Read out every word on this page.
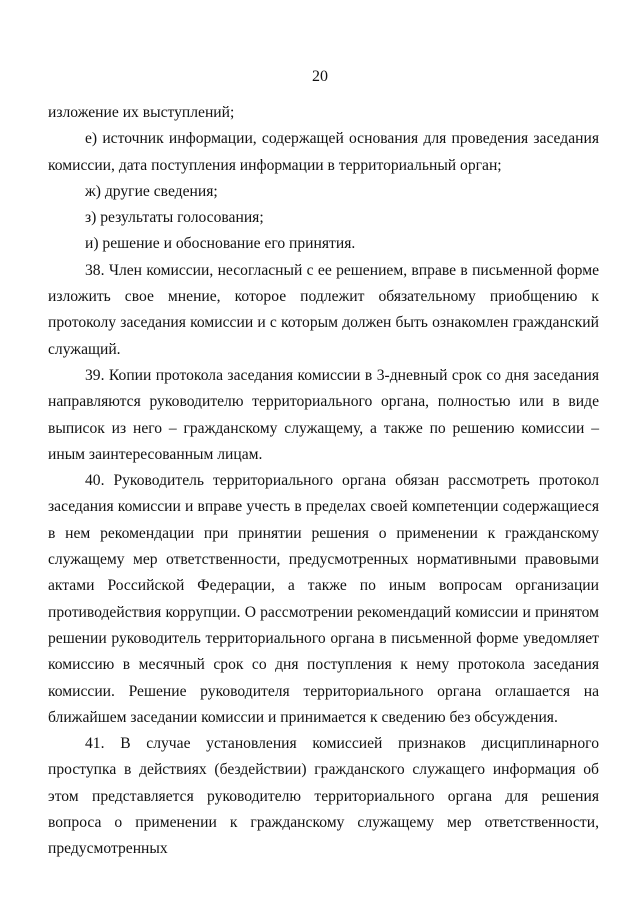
20

изложение их выступлений;

е) источник информации, содержащей основания для проведения заседания комиссии, дата поступления информации в территориальный орган;

ж) другие сведения;

з) результаты голосования;

и) решение и обоснование его принятия.

38. Член комиссии, несогласный с ее решением, вправе в письменной форме изложить свое мнение, которое подлежит обязательному приобщению к протоколу заседания комиссии и с которым должен быть ознакомлен гражданский служащий.

39. Копии протокола заседания комиссии в 3-дневный срок со дня заседания направляются руководителю территориального органа, полностью или в виде выписок из него – гражданскому служащему, а также по решению комиссии – иным заинтересованным лицам.

40. Руководитель территориального органа обязан рассмотреть протокол заседания комиссии и вправе учесть в пределах своей компетенции содержащиеся в нем рекомендации при принятии решения о применении к гражданскому служащему мер ответственности, предусмотренных нормативными правовыми актами Российской Федерации, а также по иным вопросам организации противодействия коррупции. О рассмотрении рекомендаций комиссии и принятом решении руководитель территориального органа в письменной форме уведомляет комиссию в месячный срок со дня поступления к нему протокола заседания комиссии. Решение руководителя территориального органа оглашается на ближайшем заседании комиссии и принимается к сведению без обсуждения.

41. В случае установления комиссией признаков дисциплинарного проступка в действиях (бездействии) гражданского служащего информация об этом представляется руководителю территориального органа для решения вопроса о применении к гражданскому служащему мер ответственности, предусмотренных
